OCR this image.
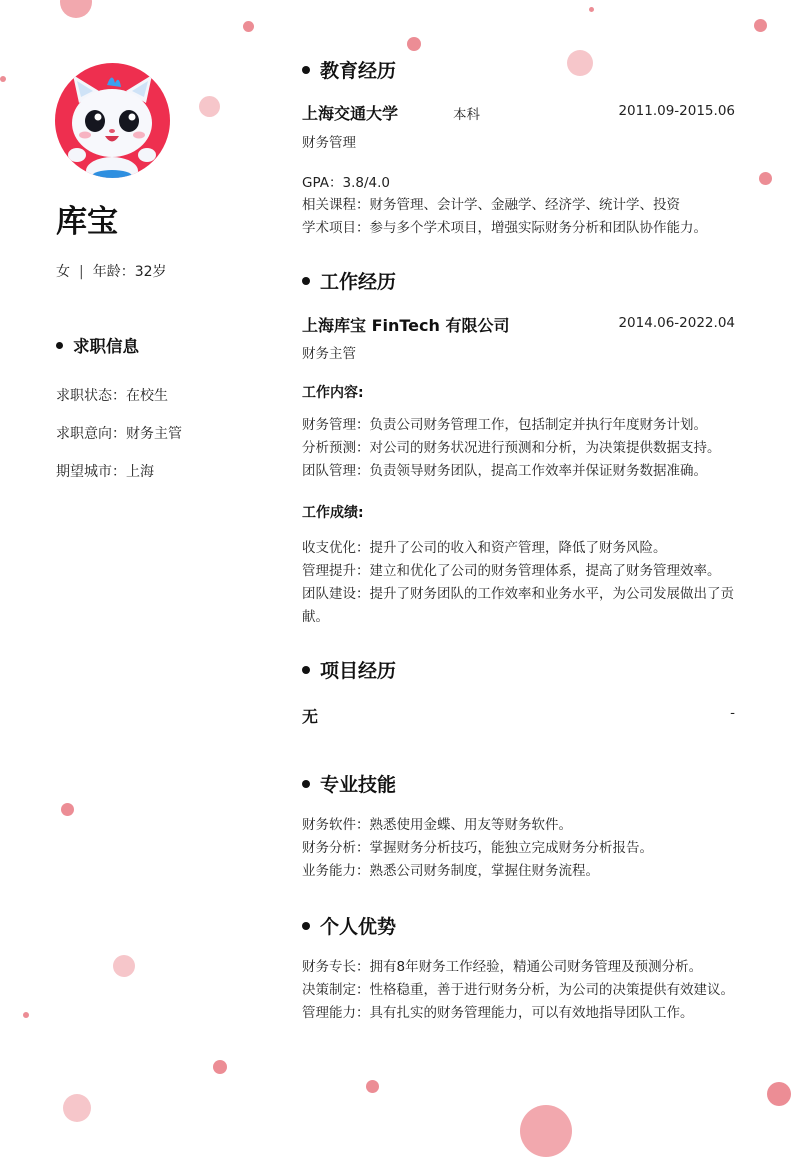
库宝
女 | 年龄：32岁
求职信息
求职状态：在校生
求职意向：财务主管
期望城市：上海
教育经历
上海交通大学	本科	2011.09-2015.06
财务管理
GPA：3.8/4.0
相关课程：财务管理、会计学、金融学、经济学、统计学、投资
学术项目：参与多个学术项目，增强实际财务分析和团队协作能力。
工作经历
上海库宝 FinTech 有限公司	2014.06-2022.04
财务主管
工作内容:
财务管理：负责公司财务管理工作，包括制定并执行年度财务计划。
分析预测：对公司的财务状况进行预测和分析，为决策提供数据支持。
团队管理：负责领导财务团队，提高工作效率并保证财务数据准确。
工作成绩:
收支优化：提升了公司的收入和资产管理，降低了财务风险。
管理提升：建立和优化了公司的财务管理体系，提高了财务管理效率。
团队建设：提升了财务团队的工作效率和业务水平，为公司发展做出了贡献。
项目经历
无	-
专业技能
财务软件：熟悉使用金蝶、用友等财务软件。
财务分析：掌握财务分析技巧，能独立完成财务分析报告。
业务能力：熟悉公司财务制度，掌握住财务流程。
个人优势
财务专长：拥有8年财务工作经验，精通公司财务管理及预测分析。
决策制定：性格稳重，善于进行财务分析，为公司的决策提供有效建议。
管理能力：具有扎实的财务管理能力，可以有效地指导团队工作。
